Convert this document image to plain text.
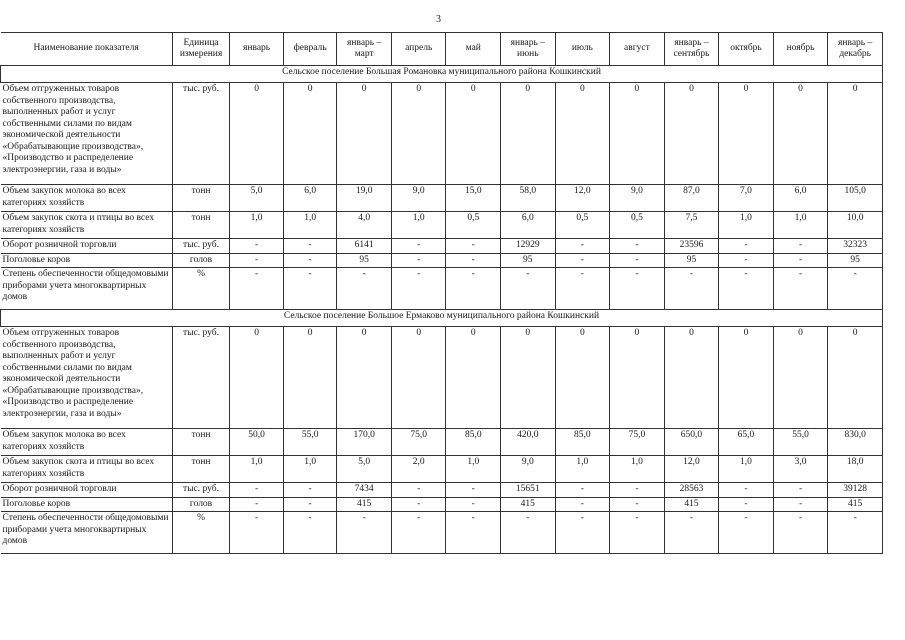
3
Наименование показателя	Единица измерения	январь	февраль	январь – март	апрель	май	январь – июнь	июль	август	январь – сентябрь	октябрь	ноябрь	январь – декабрь
Сельское поселение Большая Романовка муниципального района Кошкинский													
Объем отгруженных товаров собственного производства, выполненных работ и услуг собственными силами по видам экономической деятельности «Обрабатывающие производства», «Производство и распределение электроэнергии, газа и воды»	тыс. руб.	0	0	0	0	0	0	0	0	0	0	0	0
Объем закупок молока во всех категориях хозяйств	тонн	5,0	6,0	19,0	9,0	15,0	58,0	12,0	9,0	87,0	7,0	6,0	105,0
Объем закупок скота и птицы во всех категориях хозяйств	тонн	1,0	1,0	4,0	1,0	0,5	6,0	0,5	0,5	7,5	1,0	1,0	10,0
Оборот розничной торговли	тыс. руб.	-	-	6141	-	-	12929	-	-	23596	-	-	32323
Поголовье коров	голов	-	-	95	-	-	95	-	-	95	-	-	95
Степень обеспеченности общедомовыми приборами учета многоквартирных домов	%	-	-	-	-	-	-	-	-	-	-	-	-
Сельское поселение Большое Ермаково муниципального района Кошкинский													
Объем отгруженных товаров собственного производства, выполненных работ и услуг собственными силами по видам экономической деятельности «Обрабатывающие производства», «Производство и распределение электроэнергии, газа и воды»	тыс. руб.	0	0	0	0	0	0	0	0	0	0	0	0
Объем закупок молока во всех категориях хозяйств	тонн	50,0	55,0	170,0	75,0	85,0	420,0	85,0	75,0	650,0	65,0	55,0	830,0
Объем закупок скота и птицы во всех категориях хозяйств	тонн	1,0	1,0	5,0	2,0	1,0	9,0	1,0	1,0	12,0	1,0	3,0	18,0
Оборот розничной торговли	тыс. руб.	-	-	7434	-	-	15651	-	-	28563	-	-	39128
Поголовье коров	голов	-	-	415	-	-	415	-	-	415	-	-	415
Степень обеспеченности общедомовыми приборами учета многоквартирных домов	%	-	-	-	-	-	-	-	-	-	-	-	-
